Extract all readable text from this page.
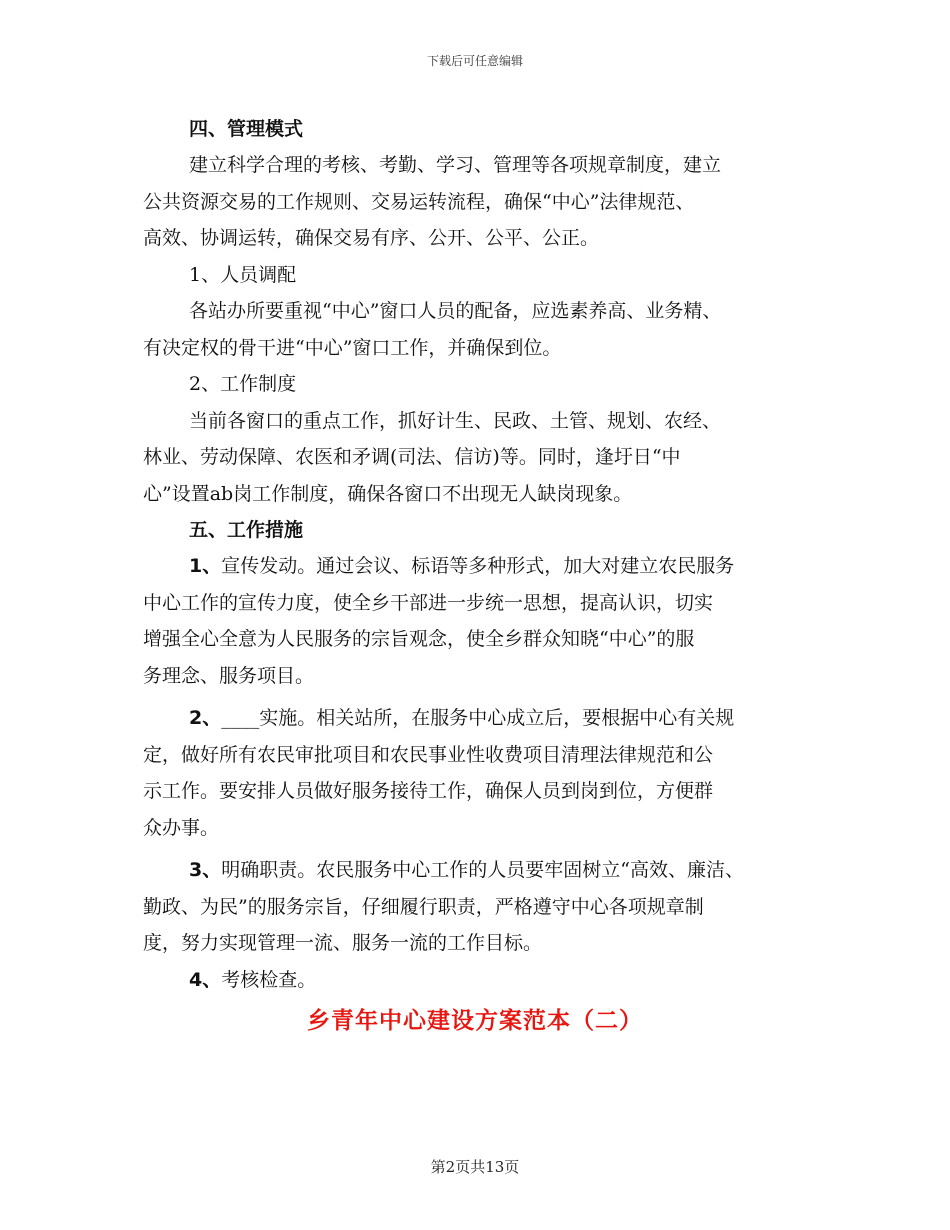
下载后可任意编辑
四、管理模式

建立科学合理的考核、考勤、学习、管理等各项规章制度，建立
公共资源交易的工作规则、交易运转流程，确保“中心”法律规范、
高效、协调运转，确保交易有序、公开、公平、公正。

1、人员调配

各站办所要重视“中心”窗口人员的配备，应选素养高、业务精、
有决定权的骨干进“中心”窗口工作，并确保到位。

2、工作制度

当前各窗口的重点工作，抓好计生、民政、土管、规划、农经、
林业、劳动保障、农医和矛调(司法、信访)等。同时，逢圩日“中
心”设置ab岗工作制度，确保各窗口不出现无人缺岗现象。

五、工作措施

1、宣传发动。通过会议、标语等多种形式，加大对建立农民服务
中心工作的宣传力度，使全乡干部进一步统一思想，提高认识，切实
增强全心全意为人民服务的宗旨观念，使全乡群众知晓“中心”的服
务理念、服务项目。

2、____实施。相关站所，在服务中心成立后，要根据中心有关规
定，做好所有农民审批项目和农民事业性收费项目清理法律规范和公
示工作。要安排人员做好服务接待工作，确保人员到岗到位，方便群
众办事。

3、明确职责。农民服务中心工作的人员要牢固树立“高效、廉洁、
勤政、为民”的服务宗旨，仔细履行职责，严格遵守中心各项规章制
度，努力实现管理一流、服务一流的工作目标。

4、考核检查。

乡青年中心建设方案范本（二）
第2页共13页
